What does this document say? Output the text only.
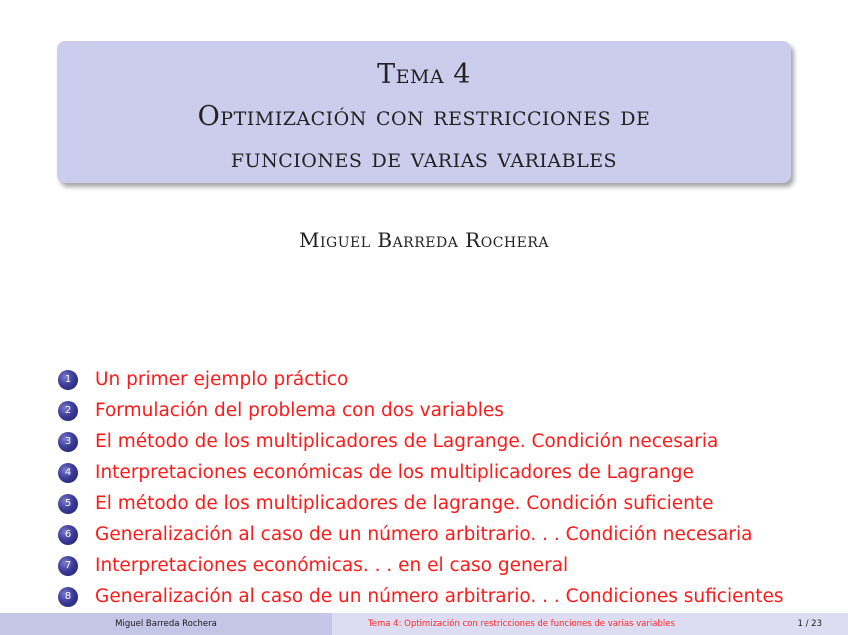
Tema 4
Optimización con restricciones de
funciones de varias variables
Miguel Barreda Rochera
1	Un primer ejemplo práctico
2	Formulación del problema con dos variables
3	El método de los multiplicadores de Lagrange. Condición necesaria
4	Interpretaciones económicas de los multiplicadores de Lagrange
5	El método de los multiplicadores de lagrange. Condición suficiente
6	Generalización al caso de un número arbitrario. . . Condición necesaria
7	Interpretaciones económicas. . . en el caso general
8	Generalización al caso de un número arbitrario. . . Condiciones suficientes
Miguel Barreda Rochera	Tema 4: Optimización con restricciones de funciones de varias variables	1 / 23
